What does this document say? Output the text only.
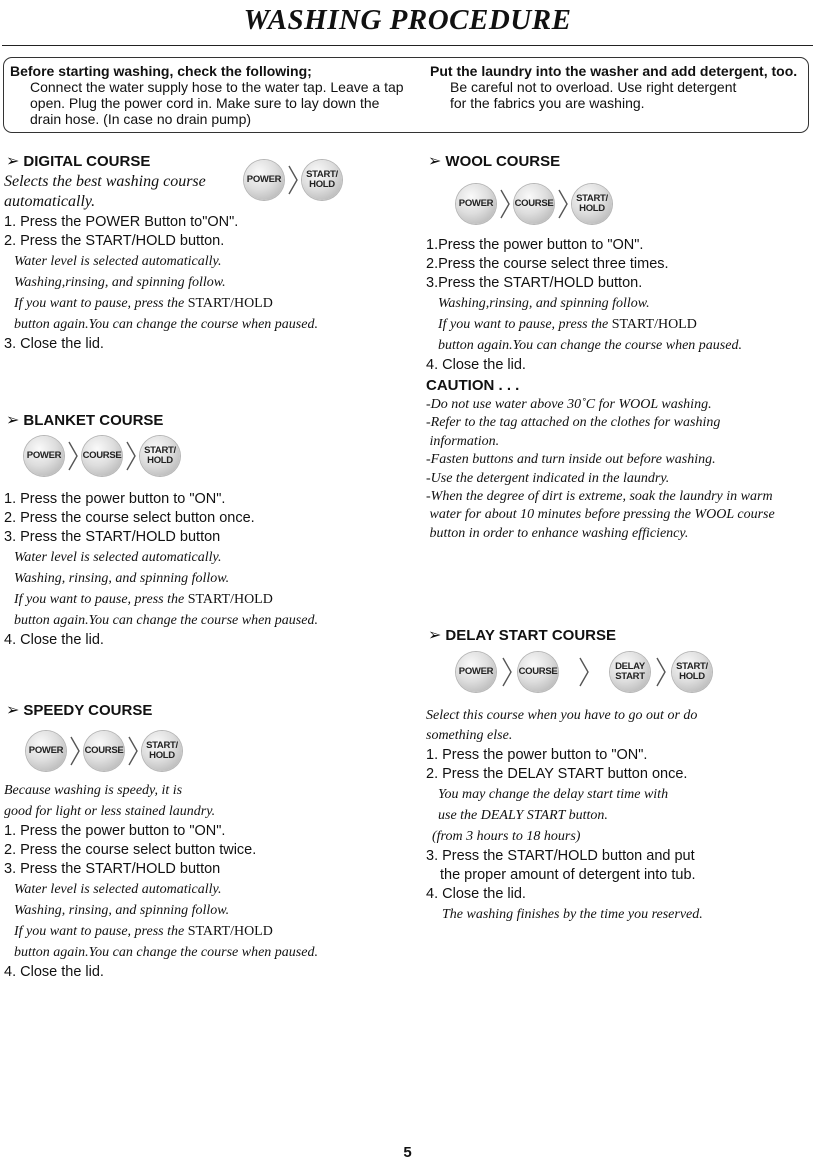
WASHING PROCEDURE
Before starting washing, check the following;
Connect the water supply hose to the water tap. Leave a tap
open. Plug the power cord in. Make sure to lay down the
drain hose. (In case no drain pump)
Put the laundry into the washer and add detergent, too.
Be careful not to overload. Use right detergent
for the fabrics you are washing.
➢ DIGITAL COURSE
Selects the best washing course
automatically.
POWER	START/
HOLD
1. Press the POWER Button to"ON".
2. Press the START/HOLD button.
Water level is selected automatically.
Washing,rinsing, and spinning follow.
If you want to pause, press the START/HOLD
button again.You can change the course when paused.
3. Close the lid.
➢ BLANKET COURSE
POWER COURSE START/
HOLD
1. Press the power button to "ON".
2. Press the course select button once.
3. Press the START/HOLD button
Water level is selected automatically.
Washing, rinsing, and spinning follow.
If you want to pause, press the START/HOLD
button again.You can change the course when paused.
4. Close the lid.
➢ SPEEDY COURSE
POWER COURSE START/
HOLD
Because washing is speedy, it is
good for light or less stained laundry.
1. Press the power button to "ON".
2. Press the course select button twice.
3. Press the START/HOLD button
Water level is selected automatically.
Washing, rinsing, and spinning follow.
If you want to pause, press the START/HOLD
button again.You can change the course when paused.
4. Close the lid.
➢ WOOL COURSE
POWER COURSE START/
HOLD
1.Press the power button to "ON".
2.Press the course select three times.
3.Press the START/HOLD button.
Washing,rinsing, and spinning follow.
If you want to pause, press the START/HOLD
button again.You can change the course when paused.
4. Close the lid.
CAUTION . . .
-Do not use water above 30˚C for WOOL washing.
-Refer to the tag attached on the clothes for washing
information.
-Fasten buttons and turn inside out before washing.
-Use the detergent indicated in the laundry.
-When the degree of dirt is extreme, soak the laundry in warm
water for about 10 minutes before pressing the WOOL course
button in order to enhance washing efficiency.
➢ DELAY START COURSE
POWER	COURSE	DELAY
START
START/
HOLD
Select this course when you have to go out or do
something else.
1. Press the power button to "ON".
2. Press the DELAY START button once.
You may change the delay start time with
use the DEALY START button.
(from 3 hours to 18 hours)
3. Press the START/HOLD button and put
the proper amount of detergent into tub.
4. Close the lid.
The washing finishes by the time you reserved.
5
